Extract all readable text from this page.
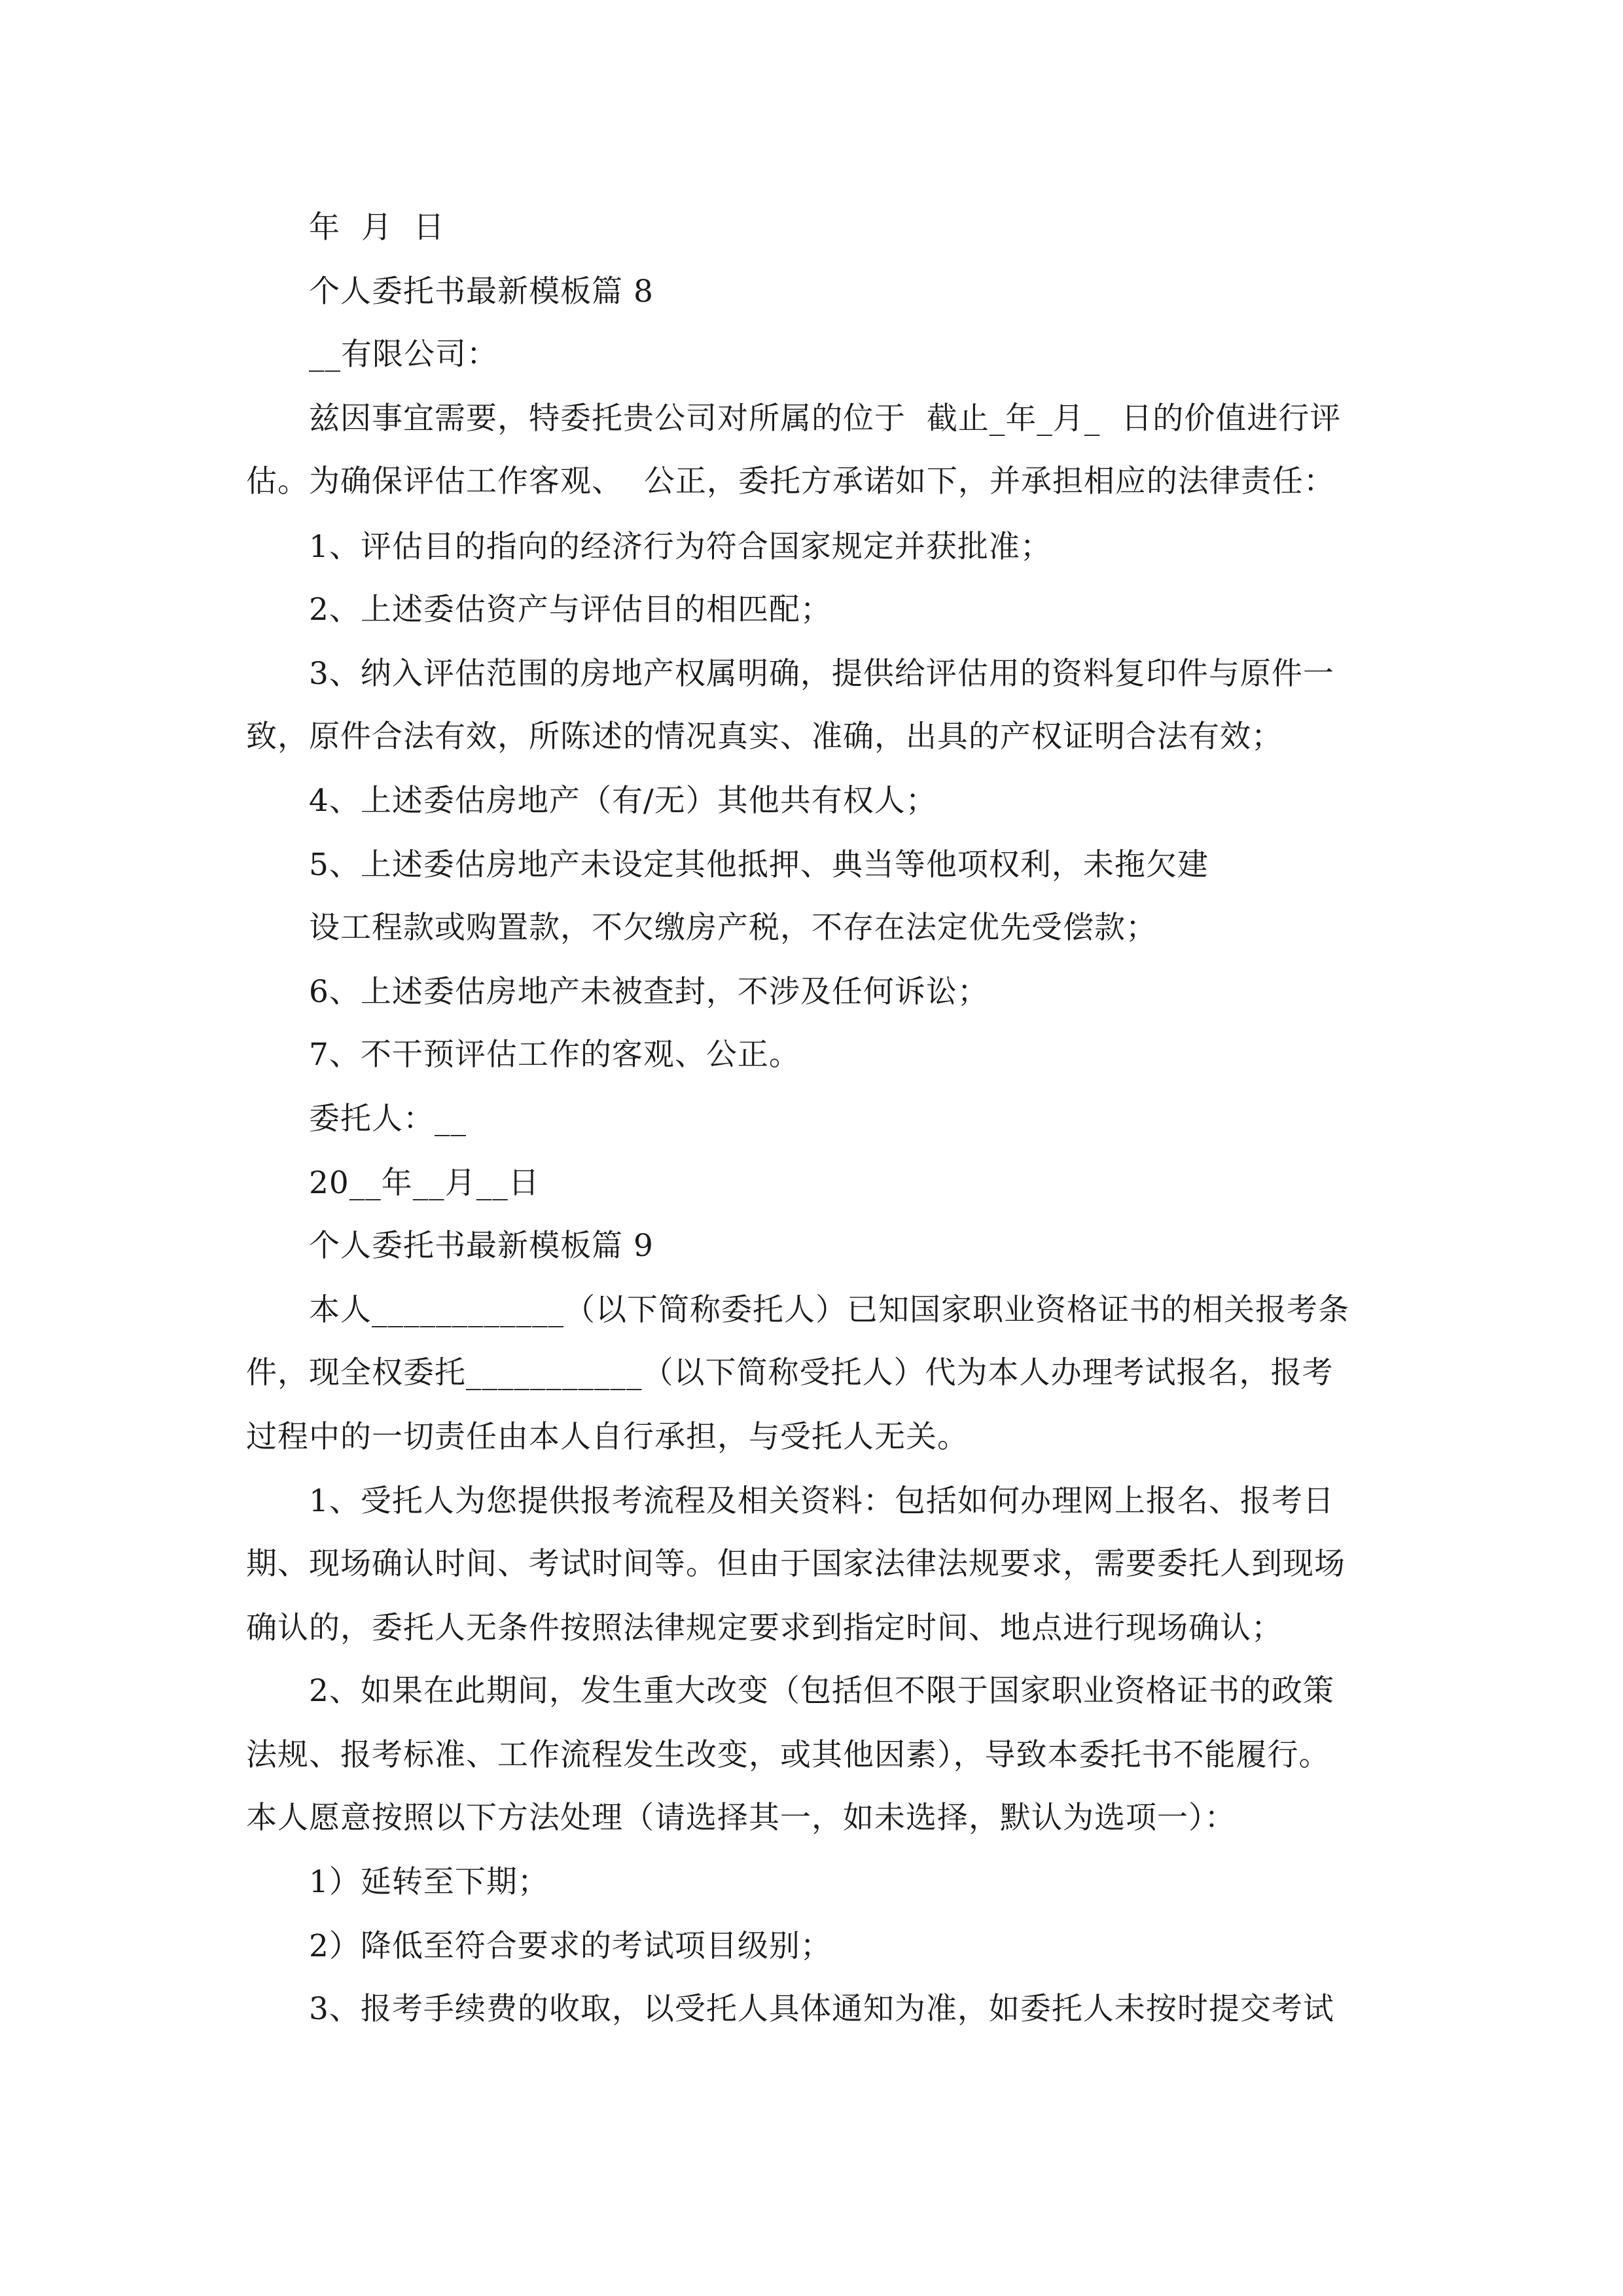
年  月  日
个人委托书最新模板篇 8
__有限公司：
兹因事宜需要，特委托贵公司对所属的位于  截止_年_月_  日的价值进行评
估。为确保评估工作客观、  公正，委托方承诺如下，并承担相应的法律责任：
1、评估目的指向的经济行为符合国家规定并获批准；
2、上述委估资产与评估目的相匹配；
3、纳入评估范围的房地产权属明确，提供给评估用的资料复印件与原件一
致，原件合法有效，所陈述的情况真实、准确，出具的产权证明合法有效；
4、上述委估房地产（有/无）其他共有权人；
5、上述委估房地产未设定其他抵押、典当等他项权利，未拖欠建
设工程款或购置款，不欠缴房产税，不存在法定优先受偿款；
6、上述委估房地产未被查封，不涉及任何诉讼；
7、不干预评估工作的客观、公正。
委托人：__
20__年__月__日
个人委托书最新模板篇 9
本人____________（以下简称委托人）已知国家职业资格证书的相关报考条
件，现全权委托___________（以下简称受托人）代为本人办理考试报名，报考
过程中的一切责任由本人自行承担，与受托人无关。
1、受托人为您提供报考流程及相关资料：包括如何办理网上报名、报考日
期、现场确认时间、考试时间等。但由于国家法律法规要求，需要委托人到现场
确认的，委托人无条件按照法律规定要求到指定时间、地点进行现场确认；
2、如果在此期间，发生重大改变（包括但不限于国家职业资格证书的政策
法规、报考标准、工作流程发生改变，或其他因素），导致本委托书不能履行。
本人愿意按照以下方法处理（请选择其一，如未选择，默认为选项一）：
1）延转至下期；
2）降低至符合要求的考试项目级别；
3、报考手续费的收取，以受托人具体通知为准，如委托人未按时提交考试
